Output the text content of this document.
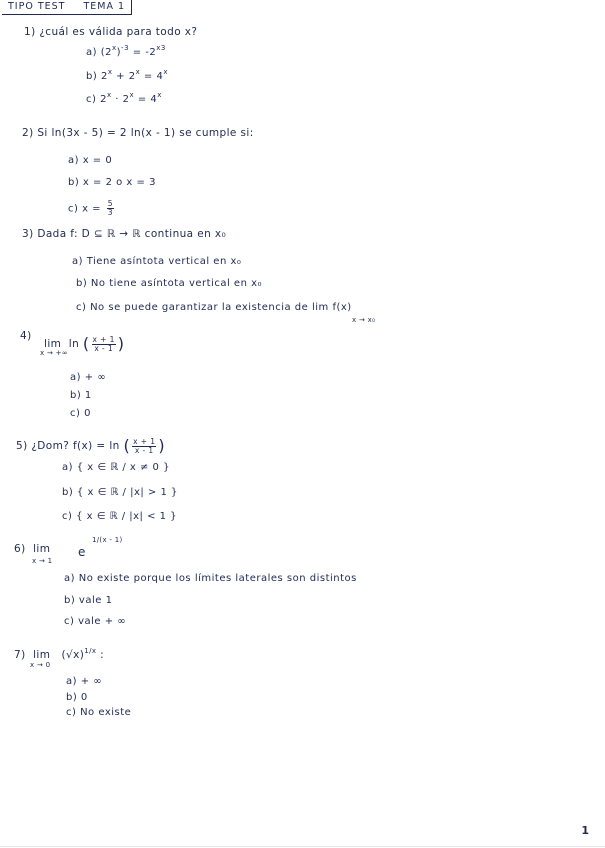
TIPO TEST TEMA 1
1) ¿cuál es válida para todo x?
a) $(2^x)^{-3} = -2^{x3}$
b) $2^x + 2^x = 4^x$
c) $2^x \cdot 2^x = 4^x$
2) Si ln(3x - 5) = 2 ln(x - 1) se cumple si:
a) x = 0
b) x = 2 o x = 3
c) $x = \frac{5}{3}$
3) Dada f: D ⊆ ℝ → ℝ continua en x₀
a) Tiene asíntota vertical en x₀
b) No tiene asíntota vertical en x₀
c) No se puede garantizar la existencia de lim f(x)
x → x₀
4)
lim ln ( $\frac{x + 1}{x - 1}$ )
x → +∞
a) + ∞
b) 1
c) 0
5) ¿Dom? f(x) = ln ( $\frac{x + 1}{x - 1}$ )
a) { x ∈ ℝ / x ≠ 0 }
b) { x ∈ ℝ / |x| > 1 }
c) { x ∈ ℝ / |x| < 1 }
6) lim
x → 1
e
1/(x - 1)
a) No existe porque los límites laterales son distintos
b) vale 1
c) vale + ∞
7) $\lim (√x)^{1/x}$ :
x → 0
a) + ∞
b) 0
c) No existe
1
